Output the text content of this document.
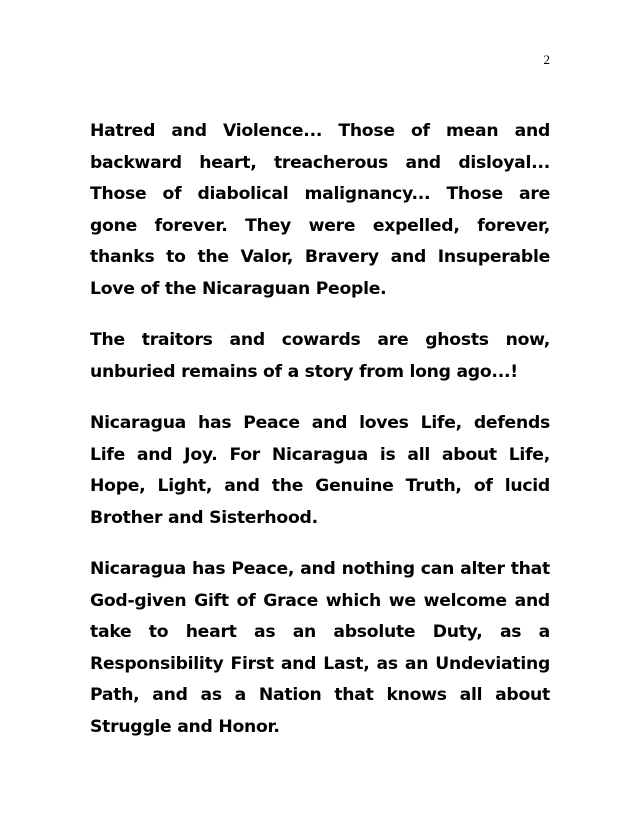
2

Hatred and Violence... Those of mean and backward heart, treacherous and disloyal... Those of diabolical malignancy... Those are gone forever. They were expelled, forever, thanks to the Valor, Bravery and Insuperable Love of the Nicaraguan People.

The traitors and cowards are ghosts now, unburied remains of a story from long ago...!

Nicaragua has Peace and loves Life, defends Life and Joy. For Nicaragua is all about Life, Hope, Light, and the Genuine Truth, of lucid Brother and Sisterhood.

Nicaragua has Peace, and nothing can alter that God-given Gift of Grace which we welcome and take to heart as an absolute Duty, as a Responsibility First and Last, as an Undeviating Path, and as a Nation that knows all about Struggle and Honor.
